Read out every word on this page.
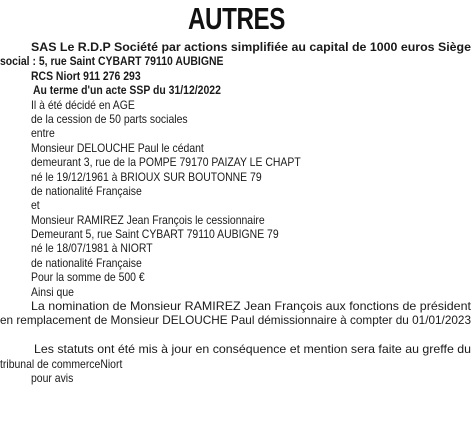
AUTRES
SAS Le R.D.P Société par actions simplifiée au capital de 1000 euros Siège
social : 5, rue Saint CYBART 79110 AUBIGNE
RCS Niort 911 276 293
Au terme d'un acte SSP du 31/12/2022
Il à été décidé en AGE
de la cession de 50 parts sociales
entre
Monsieur DELOUCHE Paul le cédant
demeurant 3, rue de la POMPE 79170 PAIZAY LE CHAPT
né le 19/12/1961 à BRIOUX SUR BOUTONNE 79
de nationalité Française
et
Monsieur RAMIREZ Jean François le cessionnaire
Demeurant 5, rue Saint CYBART 79110 AUBIGNE 79
né le 18/07/1981 à NIORT
de nationalité Française
Pour la somme de 500 €
Ainsi que
La nomination de Monsieur RAMIREZ Jean François aux fonctions de président
en remplacement de Monsieur DELOUCHE Paul démissionnaire à compter du 01/01/2023
Les statuts ont été mis à jour en conséquence et mention sera faite au greffe du
tribunal de commerceNiort
pour avis
